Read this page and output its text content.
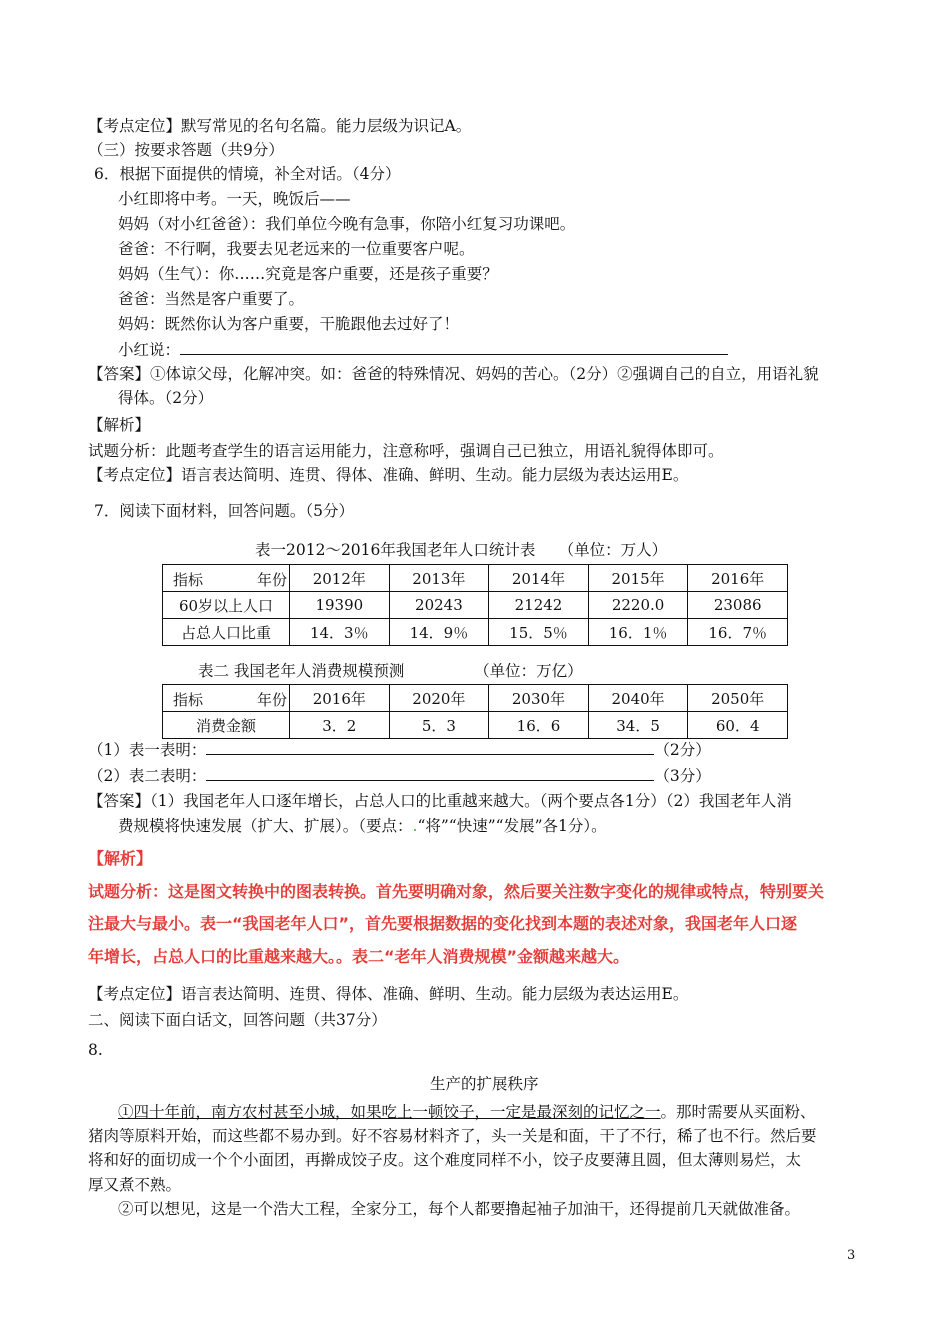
【考点定位】默写常见的名句名篇。能力层级为识记A。
（三）按要求答题（共9分）
6．根据下面提供的情境，补全对话。（4分）
小红即将中考。一天，晚饭后——
妈妈（对小红爸爸）：我们单位今晚有急事，你陪小红复习功课吧。
爸爸：不行啊，我要去见老远来的一位重要客户呢。
妈妈（生气）：你……究竟是客户重要，还是孩子重要？
爸爸：当然是客户重要了。
妈妈：既然你认为客户重要，干脆跟他去过好了！
小红说：
【答案】①体谅父母，化解冲突。如：爸爸的特殊情况、妈妈的苦心。（2分）②强调自己的自立，用语礼貌
得体。（2分）
【解析】
试题分析：此题考查学生的语言运用能力，注意称呼，强调自己已独立，用语礼貌得体即可。
【考点定位】语言表达简明、连贯、得体、准确、鲜明、生动。能力层级为表达运用E。
7．阅读下面材料，回答问题。（5分）
表一2012～2016年我国老年人口统计表　　（单位：万人）
指标 年份	2012年	2013年	2014年	2015年	2016年
60岁以上人口	19390	20243	21242	2220.0	23086
占总人口比重	14．3％	14．9％	15．5％	16．1％	16．7％
表二 我国老年人消费规模预测　　　　　（单位：万亿）
指标 年份	2016年	2020年	2030年	2040年	2050年
消费金额	3．2	5．3	16．6	34．5	60．4
（1）表一表明：	（2分）
（2）表二表明：	（3分）
【答案】（1）我国老年人口逐年增长，占总人口的比重越来越大。（两个要点各1分）（2）我国老年人消
费规模将快速发展（扩大、扩展）。（要点：.“将”“快速”“发展”各1分）。
【解析】
试题分析：这是图文转换中的图表转换。首先要明确对象，然后要关注数字变化的规律或特点，特别要关
注最大与最小。表一“我国老年人口”，首先要根据数据的变化找到本题的表述对象，我国老年人口逐
年增长，占总人口的比重越来越大。。表二“老年人消费规模”金额越来越大。
【考点定位】语言表达简明、连贯、得体、准确、鲜明、生动。能力层级为表达运用E。
二、阅读下面白话文，回答问题（共37分）
8.
生产的扩展秩序
①四十年前，南方农村甚至小城，如果吃上一顿饺子，一定是最深刻的记忆之一。那时需要从买面粉、
猪肉等原料开始，而这些都不易办到。好不容易材料齐了，头一关是和面，干了不行，稀了也不行。然后要
将和好的面切成一个个小面团，再擀成饺子皮。这个难度同样不小，饺子皮要薄且圆，但太薄则易烂，太
厚又煮不熟。
②可以想见，这是一个浩大工程，全家分工，每个人都要撸起袖子加油干，还得提前几天就做准备。
3
